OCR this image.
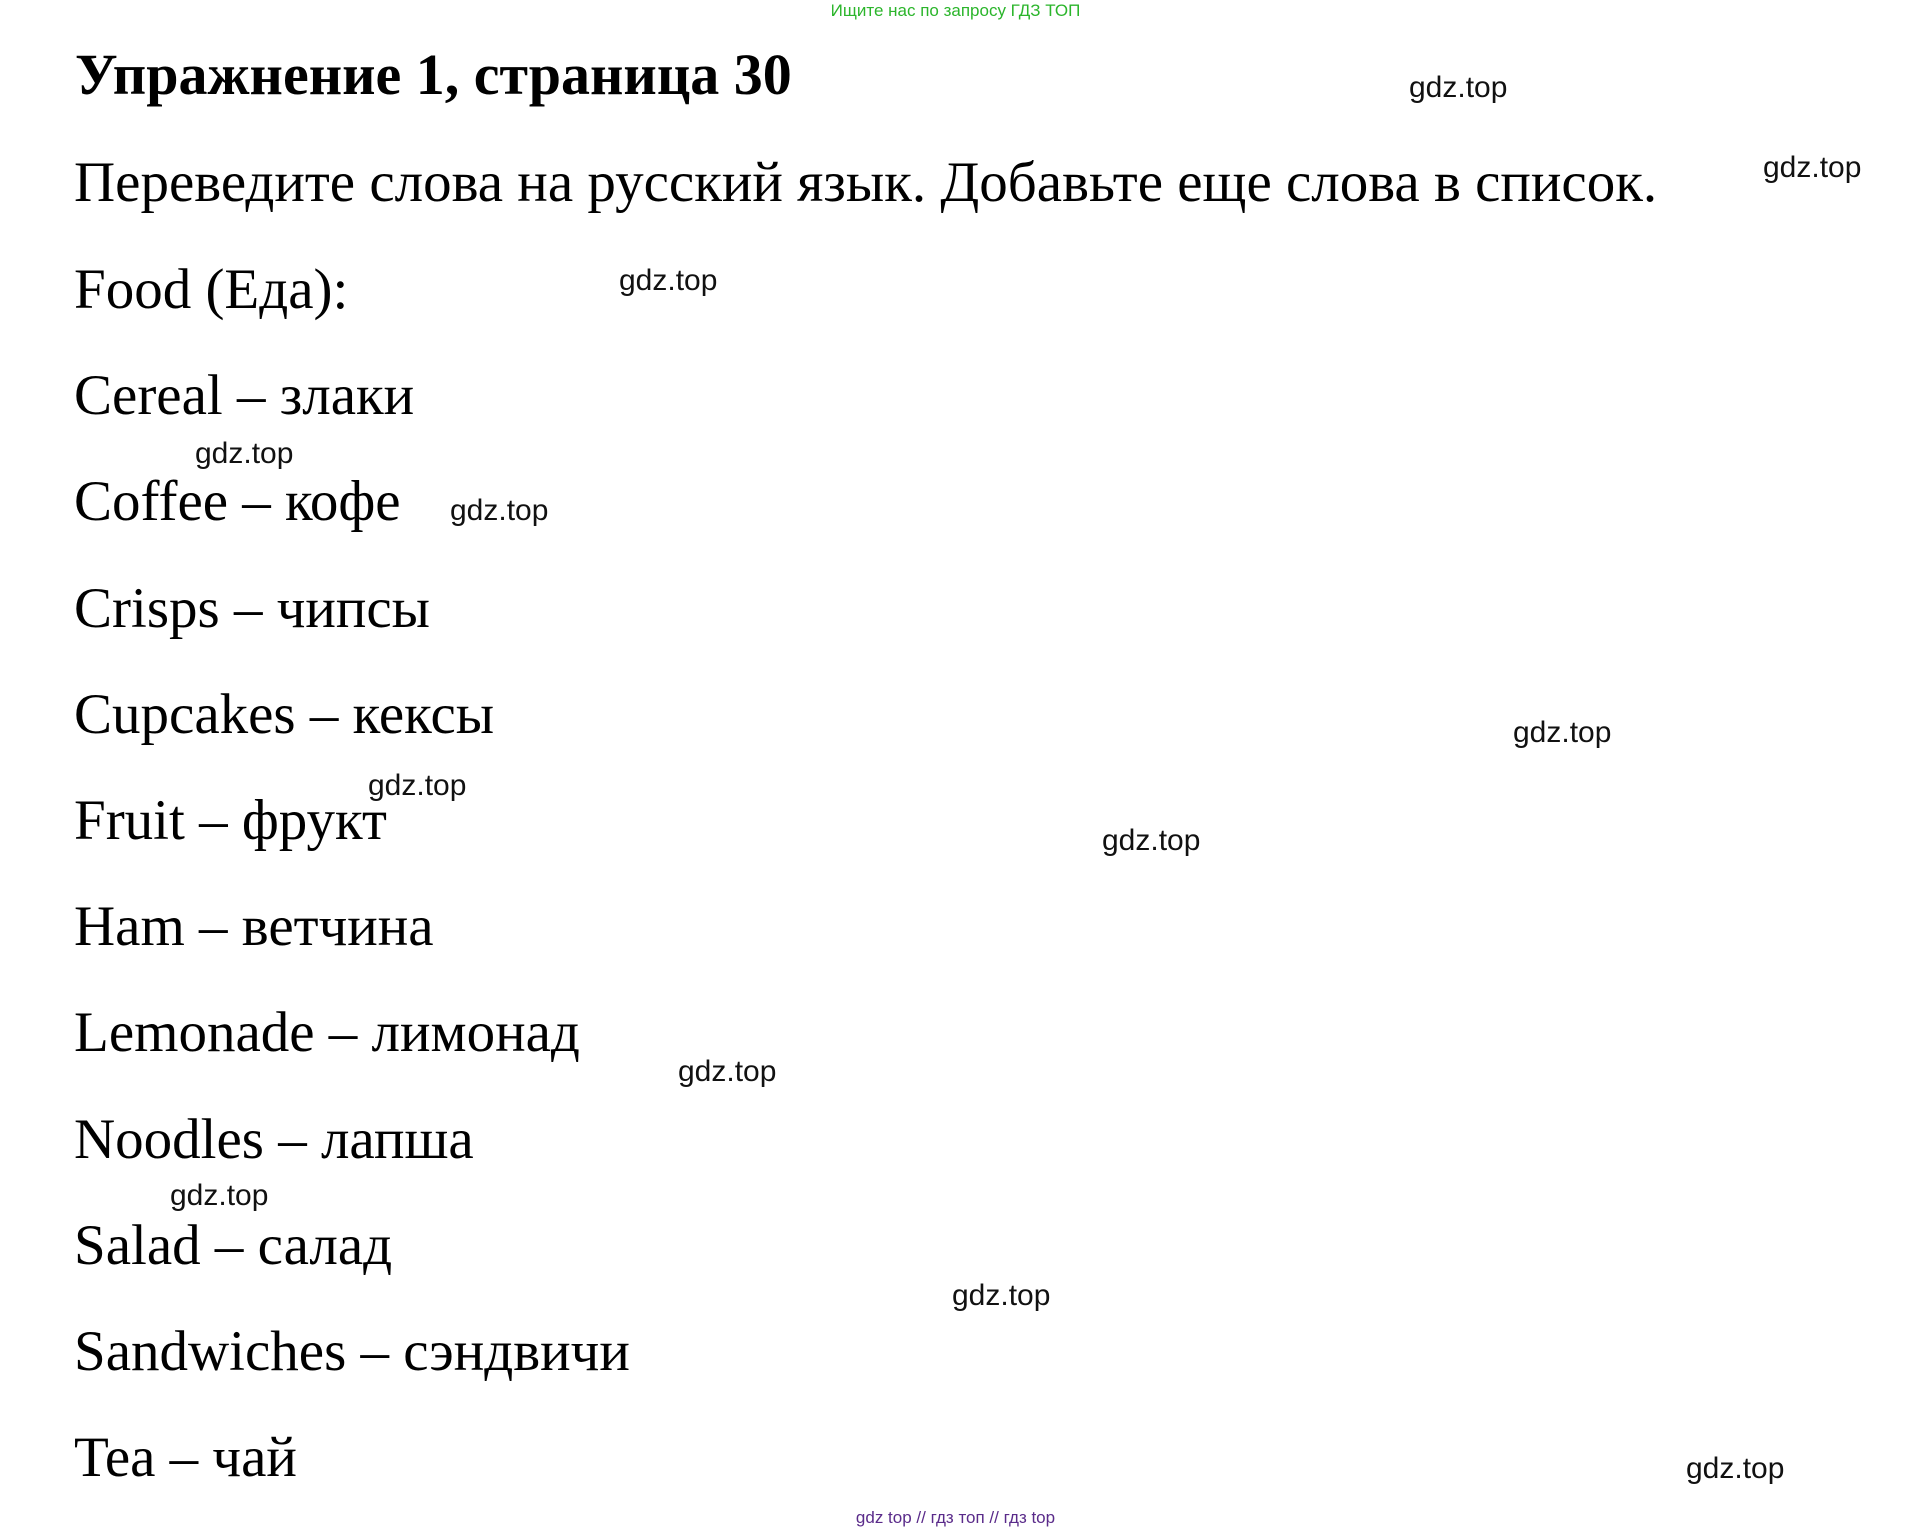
Ищите нас по запросу ГДЗ ТОП
Упражнение 1, страница 30
Переведите слова на русский язык. Добавьте еще слова в список.
Food (Еда):
Cereal – злаки
Coffee – кофе
Crisps – чипсы
Cupcakes – кексы
Fruit – фрукт
Ham – ветчина
Lemonade – лимонад
Noodles – лапша
Salad – салад
Sandwiches – сэндвичи
Tea – чай
gdz.top
gdz.top
gdz.top
gdz.top
gdz.top
gdz.top
gdz.top
gdz.top
gdz.top
gdz.top
gdz.top
gdz.top
gdz top // гдз топ // гдз top
